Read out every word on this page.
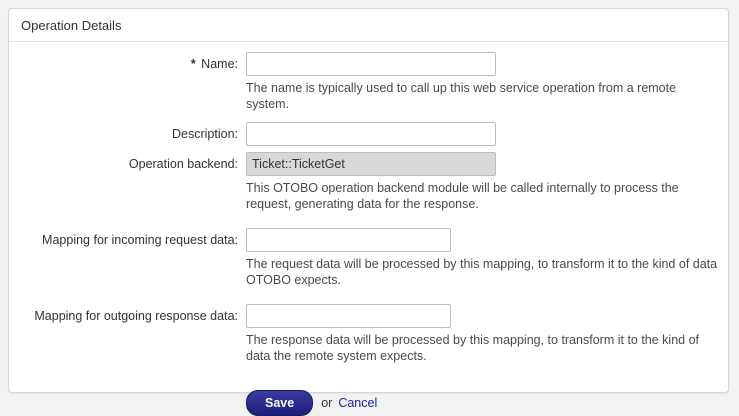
Operation Details
* Name:
The name is typically used to call up this web service operation from a remote system.
Description:
Operation backend:	Ticket::TicketGet
This OTOBO operation backend module will be called internally to process the request, generating data for the response.
Mapping for incoming request data:
The request data will be processed by this mapping, to transform it to the kind of data OTOBO expects.
Mapping for outgoing response data:
The response data will be processed by this mapping, to transform it to the kind of data the remote system expects.
Save	or Cancel
